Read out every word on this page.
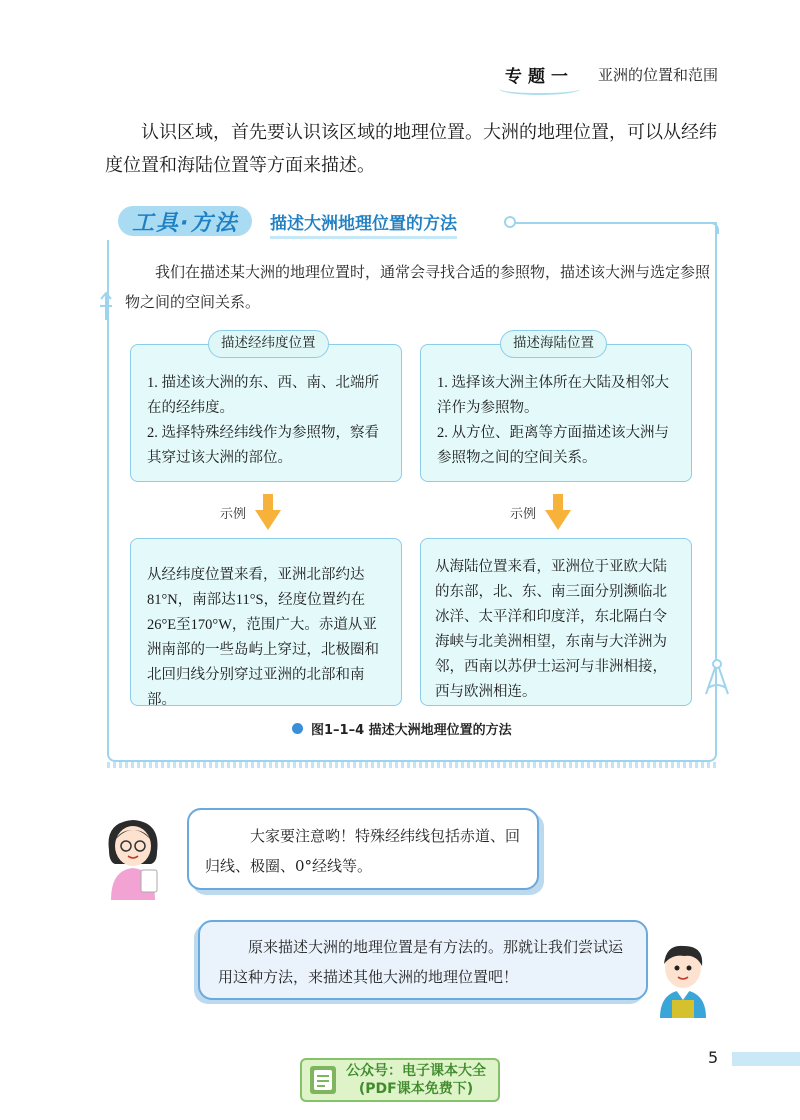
专题一	亚洲的位置和范围

认识区域，首先要认识该区域的地理位置。大洲的地理位置，可以从经纬度位置和海陆位置等方面来描述。

工具·方法 描述大洲地理位置的方法

我们在描述某大洲的地理位置时，通常会寻找合适的参照物，描述该大洲与选定参照物之间的空间关系。

1. 描述该大洲的东、西、南、北端所在的经纬度。
2. 选择特殊经纬线作为参照物，察看其穿过该大洲的部位。
描述经纬度位置
1. 选择该大洲主体所在大陆及相邻大洋作为参照物。
2. 从方位、距离等方面描述该大洲与参照物之间的空间关系。
描述海陆位置
示例	示例
从经纬度位置来看，亚洲北部约达81°N，南部达11°S，经度位置约在26°E至170°W，范围广大。赤道从亚洲南部的一些岛屿上穿过，北极圈和北回归线分别穿过亚洲的北部和南部。
从海陆位置来看，亚洲位于亚欧大陆的东部，北、东、南三面分别濒临北冰洋、太平洋和印度洋，东北隔白令海峡与北美洲相望，东南与大洋洲为邻，西南以苏伊士运河与非洲相接，西与欧洲相连。
图1–1–4 描述大洲地理位置的方法
大家要注意哟！特殊经纬线包括赤道、回归线、极圈、0°经线等。
原来描述大洲的地理位置是有方法的。那就让我们尝试运用这种方法，来描述其他大洲的地理位置吧！
5
公众号：电子课本大全
(PDF课本免费下)
